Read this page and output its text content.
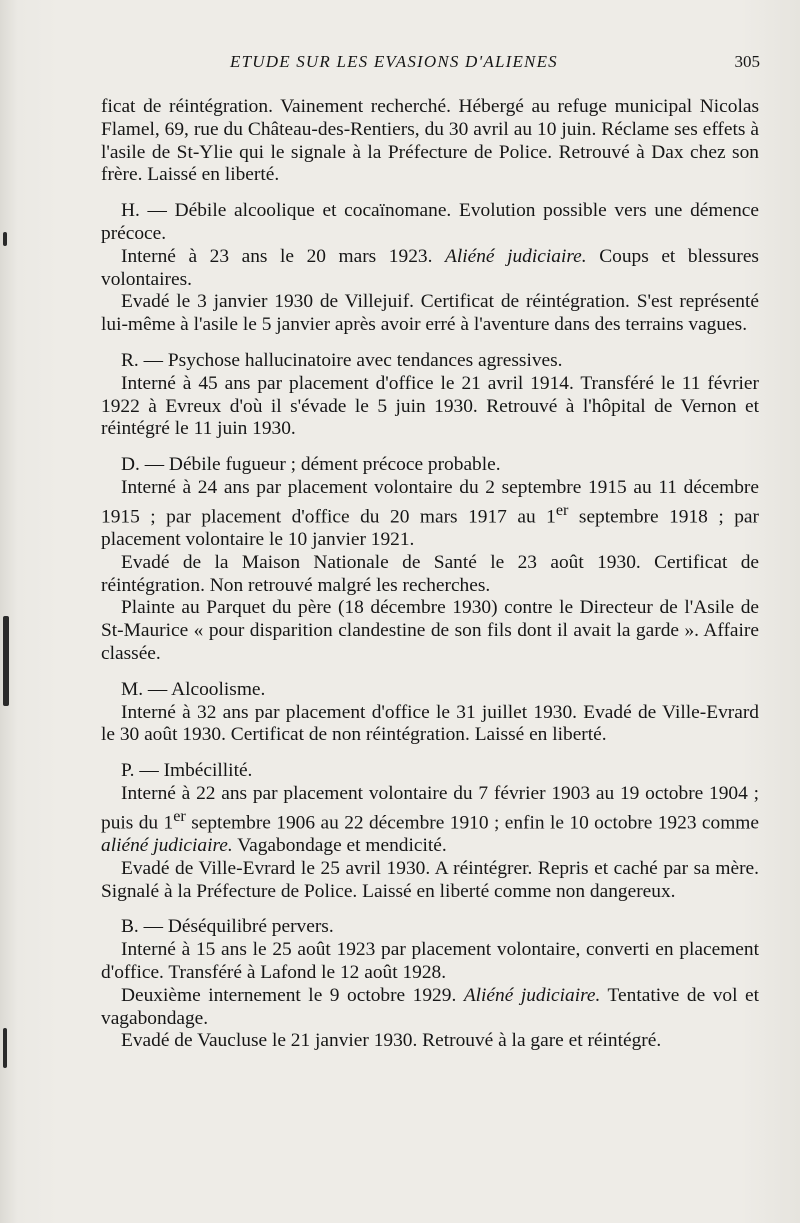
ETUDE SUR LES EVASIONS D'ALIENES	305

ficat de réintégration. Vainement recherché. Hébergé au refuge municipal Nicolas Flamel, 69, rue du Château-des-Rentiers, du 30 avril au 10 juin. Réclame ses effets à l'asile de St-Ylie qui le signale à la Préfecture de Police. Retrouvé à Dax chez son frère. Laissé en liberté.

H. — Débile alcoolique et cocaïnomane. Evolution possible vers une démence précoce.

Interné à 23 ans le 20 mars 1923. Aliéné judiciaire. Coups et blessures volontaires.

Evadé le 3 janvier 1930 de Villejuif. Certificat de réintégration. S'est représenté lui-même à l'asile le 5 janvier après avoir erré à l'aventure dans des terrains vagues.

R. — Psychose hallucinatoire avec tendances agressives.

Interné à 45 ans par placement d'office le 21 avril 1914. Transféré le 11 février 1922 à Evreux d'où il s'évade le 5 juin 1930. Retrouvé à l'hôpital de Vernon et réintégré le 11 juin 1930.

D. — Débile fugueur ; dément précoce probable.

Interné à 24 ans par placement volontaire du 2 septembre 1915 au 11 décembre 1915 ; par placement d'office du 20 mars 1917 au 1er septembre 1918 ; par placement volontaire le 10 janvier 1921.

Evadé de la Maison Nationale de Santé le 23 août 1930. Certificat de réintégration. Non retrouvé malgré les recherches.

Plainte au Parquet du père (18 décembre 1930) contre le Directeur de l'Asile de St-Maurice « pour disparition clandestine de son fils dont il avait la garde ». Affaire classée.

M. — Alcoolisme.

Interné à 32 ans par placement d'office le 31 juillet 1930. Evadé de Ville-Evrard le 30 août 1930. Certificat de non réintégration. Laissé en liberté.

P. — Imbécillité.

Interné à 22 ans par placement volontaire du 7 février 1903 au 19 octobre 1904 ; puis du 1er septembre 1906 au 22 décembre 1910 ; enfin le 10 octobre 1923 comme aliéné judiciaire. Vagabondage et mendicité.

Evadé de Ville-Evrard le 25 avril 1930. A réintégrer. Repris et caché par sa mère. Signalé à la Préfecture de Police. Laissé en liberté comme non dangereux.

B. — Déséquilibré pervers.

Interné à 15 ans le 25 août 1923 par placement volontaire, converti en placement d'office. Transféré à Lafond le 12 août 1928.

Deuxième internement le 9 octobre 1929. Aliéné judiciaire. Tentative de vol et vagabondage.

Evadé de Vaucluse le 21 janvier 1930. Retrouvé à la gare et réintégré.
